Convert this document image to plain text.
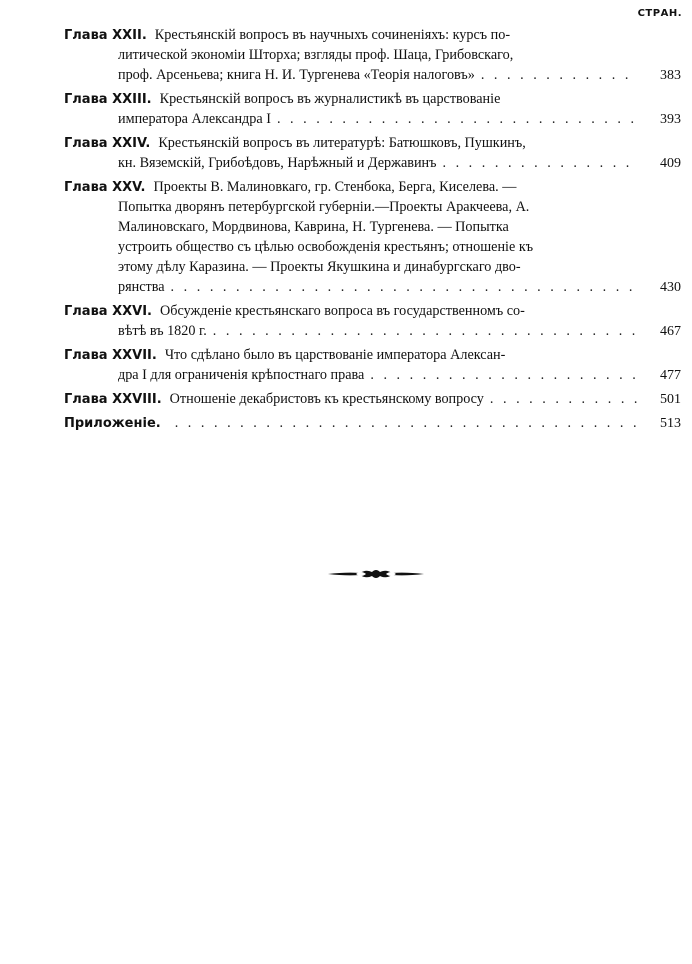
СТРАН.
Глава XXII. Крестьянскій вопросъ въ научныхъ сочиненіяхъ: курсъ по-
литической экономіи Шторха; взгляды проф. Шаца, Грибовскаго,
проф. Арсеньева; книга Н. И. Тургенева «Теорія налоговъ» . . .	383
Глава XXIII. Крестьянскій вопросъ въ журналистикѣ въ царствованіе
императора Александра I . . .	393
Глава XXIV. Крестьянскій вопросъ въ литературѣ: Батюшковъ, Пушкинъ,
кн. Вяземскій, Грибоѣдовъ, Нарѣжный и Державинъ . . .	409
Глава XXV. Проекты В. Малиновкаго, гр. Стенбока, Берга, Киселева. —
Попытка дворянъ петербургской губерніи.—Проекты Аракчеева, А.
Малиновскаго, Мордвинова, Каврина, Н. Тургенева. — Попытка
устроить общество съ цѣлью освобожденія крестьянъ; отношеніе къ
этому дѣлу Каразина. — Проекты Якушкина и динабургскаго дво-
рянства . . .	430
Глава XXVI. Обсужденіе крестьянскаго вопроса въ государственномъ со-
вѣтѣ въ 1820 г. . . .	467
Глава XXVII. Что сдѣлано было въ царствованіе императора Алексан-
дра I для ограниченія крѣпостнаго права . . .	477
Глава XXVIII. Отношеніе декабристовъ къ крестьянскому вопросу . . .	501
Приложеніе. . . .	513
